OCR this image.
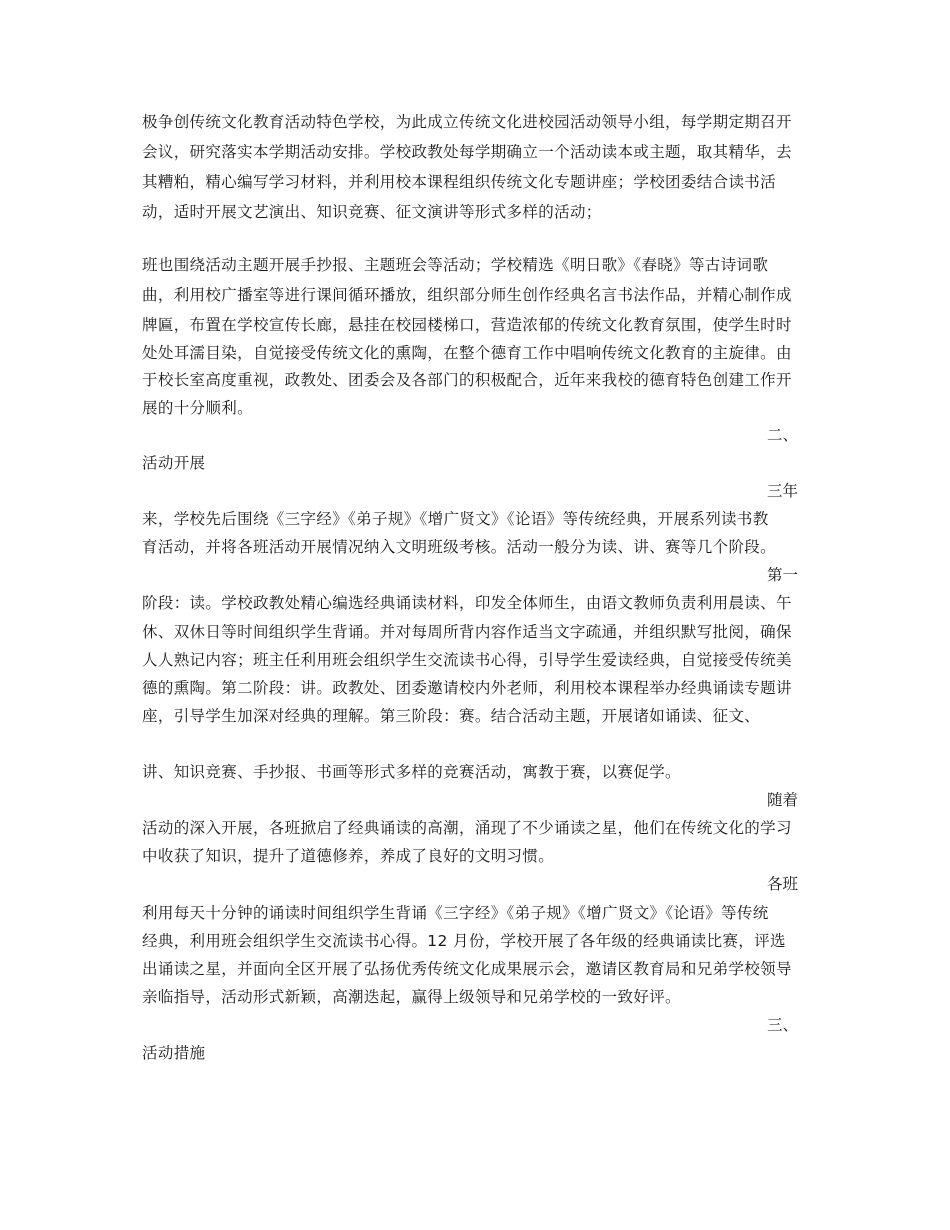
极争创传统文化教育活动特色学校，为此成立传统文化进校园活动领导小组，每学期定期召开
会议，研究落实本学期活动安排。学校政教处每学期确立一个活动读本或主题，取其精华，去
其糟粕，精心编写学习材料，并利用校本课程组织传统文化专题讲座；学校团委结合读书活
动，适时开展文艺演出、知识竞赛、征文演讲等形式多样的活动；
班也围绕活动主题开展手抄报、主题班会等活动；学校精选《明日歌》《春晓》等古诗词歌
曲，利用校广播室等进行课间循环播放，组织部分师生创作经典名言书法作品，并精心制作成
牌匾，布置在学校宣传长廊，悬挂在校园楼梯口，营造浓郁的传统文化教育氛围，使学生时时
处处耳濡目染，自觉接受传统文化的熏陶，在整个德育工作中唱响传统文化教育的主旋律。由
于校长室高度重视，政教处、团委会及各部门的积极配合，近年来我校的德育特色创建工作开
展的十分顺利。
二、
活动开展
三年
来，学校先后围绕《三字经》《弟子规》《增广贤文》《论语》等传统经典，开展系列读书教
育活动，并将各班活动开展情况纳入文明班级考核。活动一般分为读、讲、赛等几个阶段。
第一
阶段：读。学校政教处精心编选经典诵读材料，印发全体师生，由语文教师负责利用晨读、午
休、双休日等时间组织学生背诵。并对每周所背内容作适当文字疏通，并组织默写批阅，确保
人人熟记内容；班主任利用班会组织学生交流读书心得，引导学生爱读经典，自觉接受传统美
德的熏陶。第二阶段：讲。政教处、团委邀请校内外老师，利用校本课程举办经典诵读专题讲
座，引导学生加深对经典的理解。第三阶段：赛。结合活动主题，开展诸如诵读、征文、
讲、知识竞赛、手抄报、书画等形式多样的竞赛活动，寓教于赛，以赛促学。
随着
活动的深入开展，各班掀启了经典诵读的高潮，涌现了不少诵读之星，他们在传统文化的学习
中收获了知识，提升了道德修养，养成了良好的文明习惯。
各班
利用每天十分钟的诵读时间组织学生背诵《三字经》《弟子规》《增广贤文》《论语》等传统
经典，利用班会组织学生交流读书心得。12 月份，学校开展了各年级的经典诵读比赛，评选
出诵读之星，并面向全区开展了弘扬优秀传统文化成果展示会，邀请区教育局和兄弟学校领导
亲临指导，活动形式新颖，高潮迭起，赢得上级领导和兄弟学校的一致好评。
三、
活动措施
